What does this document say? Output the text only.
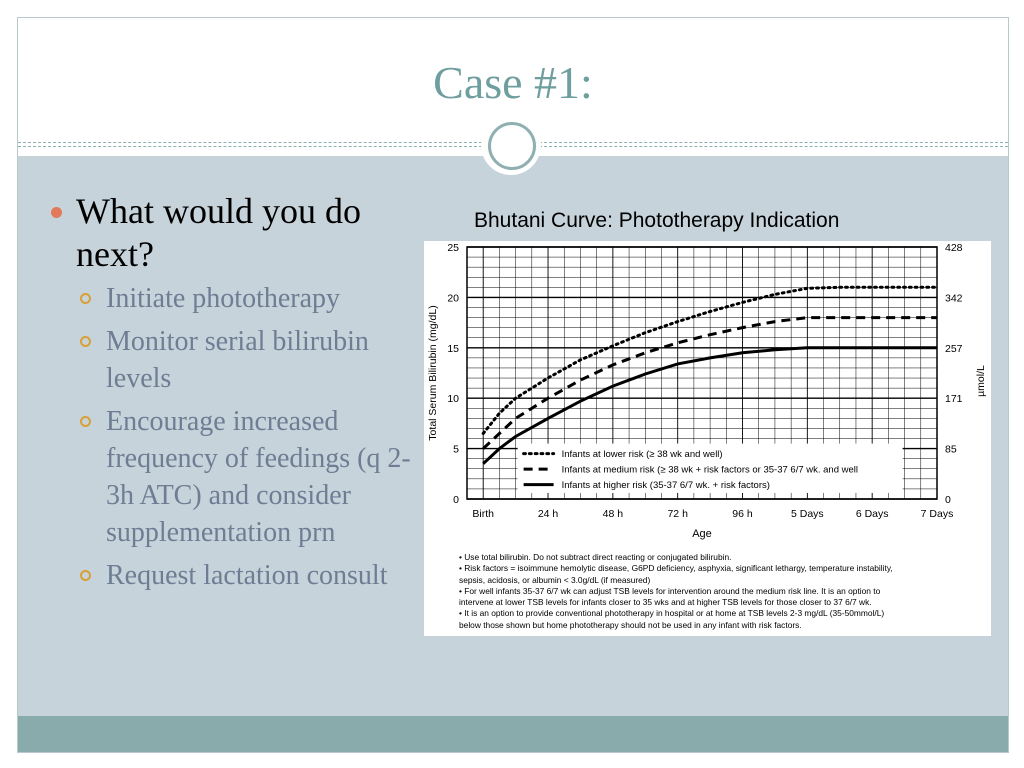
Case #1:
What would you do next?
Initiate phototherapy
Monitor serial bilirubin levels
Encourage increased frequency of feedings (q 2-3h ATC) and consider supplementation prn
Request lactation consult
Bhutani Curve: Phototherapy Indication
Infants at lower risk (≥ 38 wk and well)
Infants at medium risk (≥ 38 wk + risk factors or 35-37 6/7 wk. and well
Infants at higher risk (35-37 6/7 wk. + risk factors)
0
5
10
15
20
25
0
85
171
257
342
428
Birth	24 h	48 h	72 h	96 h	5 Days	6 Days	7 Days
Age
Total Serum Bilirubin (mg/dL)	µmol/L
• Use total bilirubin. Do not subtract direct reacting or conjugated bilirubin.
• Risk factors = isoimmune hemolytic disease, G6PD deficiency, asphyxia, significant lethargy, temperature instability,
sepsis, acidosis, or albumin < 3.0g/dL (if measured)
• For well infants 35-37 6/7 wk can adjust TSB levels for intervention around the medium risk line. It is an option to
intervene at lower TSB levels for infants closer to 35 wks and at higher TSB levels for those closer to 37 6/7 wk.
• It is an option to provide conventional phototherapy in hospital or at home at TSB levels 2-3 mg/dL (35-50mmol/L)
below those shown but home phototherapy should not be used in any infant with risk factors.
